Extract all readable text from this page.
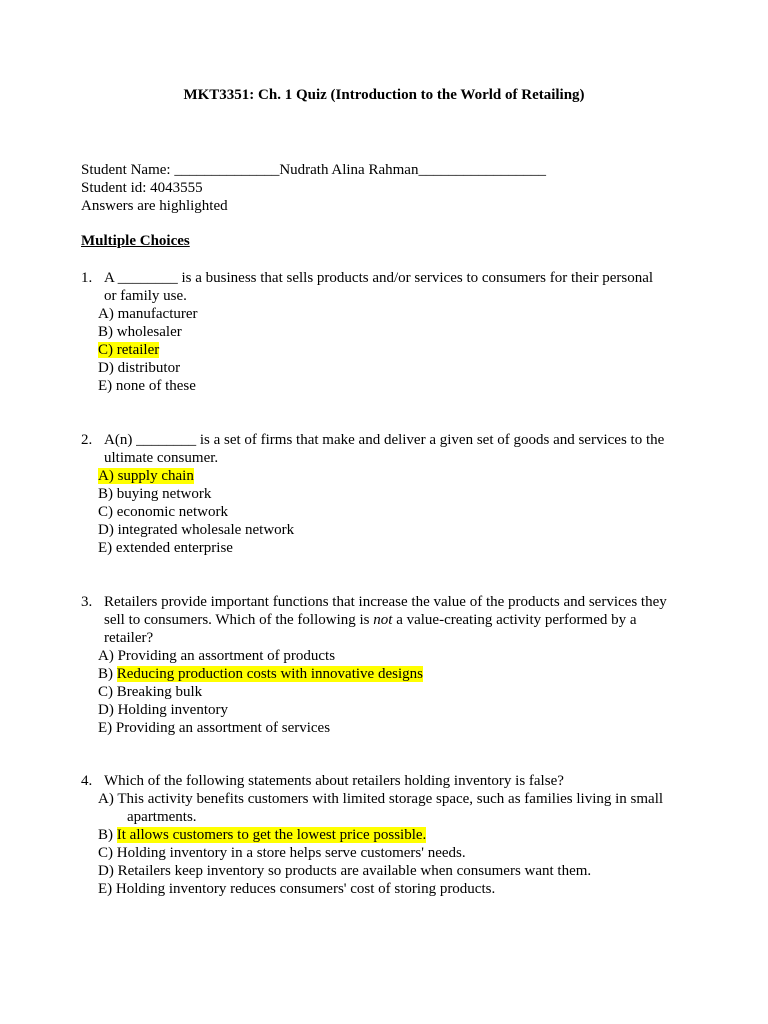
MKT3351: Ch. 1 Quiz (Introduction to the World of Retailing)
Student Name: ______________Nudrath Alina Rahman_________________
Student id: 4043555
Answers are highlighted
Multiple Choices
1. A ________ is a business that sells products and/or services to consumers for their personal
or family use.
A) manufacturer
B) wholesaler
C) retailer
D) distributor
E) none of these
2. A(n) ________ is a set of firms that make and deliver a given set of goods and services to the
ultimate consumer.
A) supply chain
B) buying network
C) economic network
D) integrated wholesale network
E) extended enterprise
3. Retailers provide important functions that increase the value of the products and services they
sell to consumers. Which of the following is not a value-creating activity performed by a
retailer?
A) Providing an assortment of products
B) Reducing production costs with innovative designs
C) Breaking bulk
D) Holding inventory
E) Providing an assortment of services
4. Which of the following statements about retailers holding inventory is false?
A) This activity benefits customers with limited storage space, such as families living in small
apartments.
B) It allows customers to get the lowest price possible.
C) Holding inventory in a store helps serve customers' needs.
D) Retailers keep inventory so products are available when consumers want them.
E) Holding inventory reduces consumers' cost of storing products.
